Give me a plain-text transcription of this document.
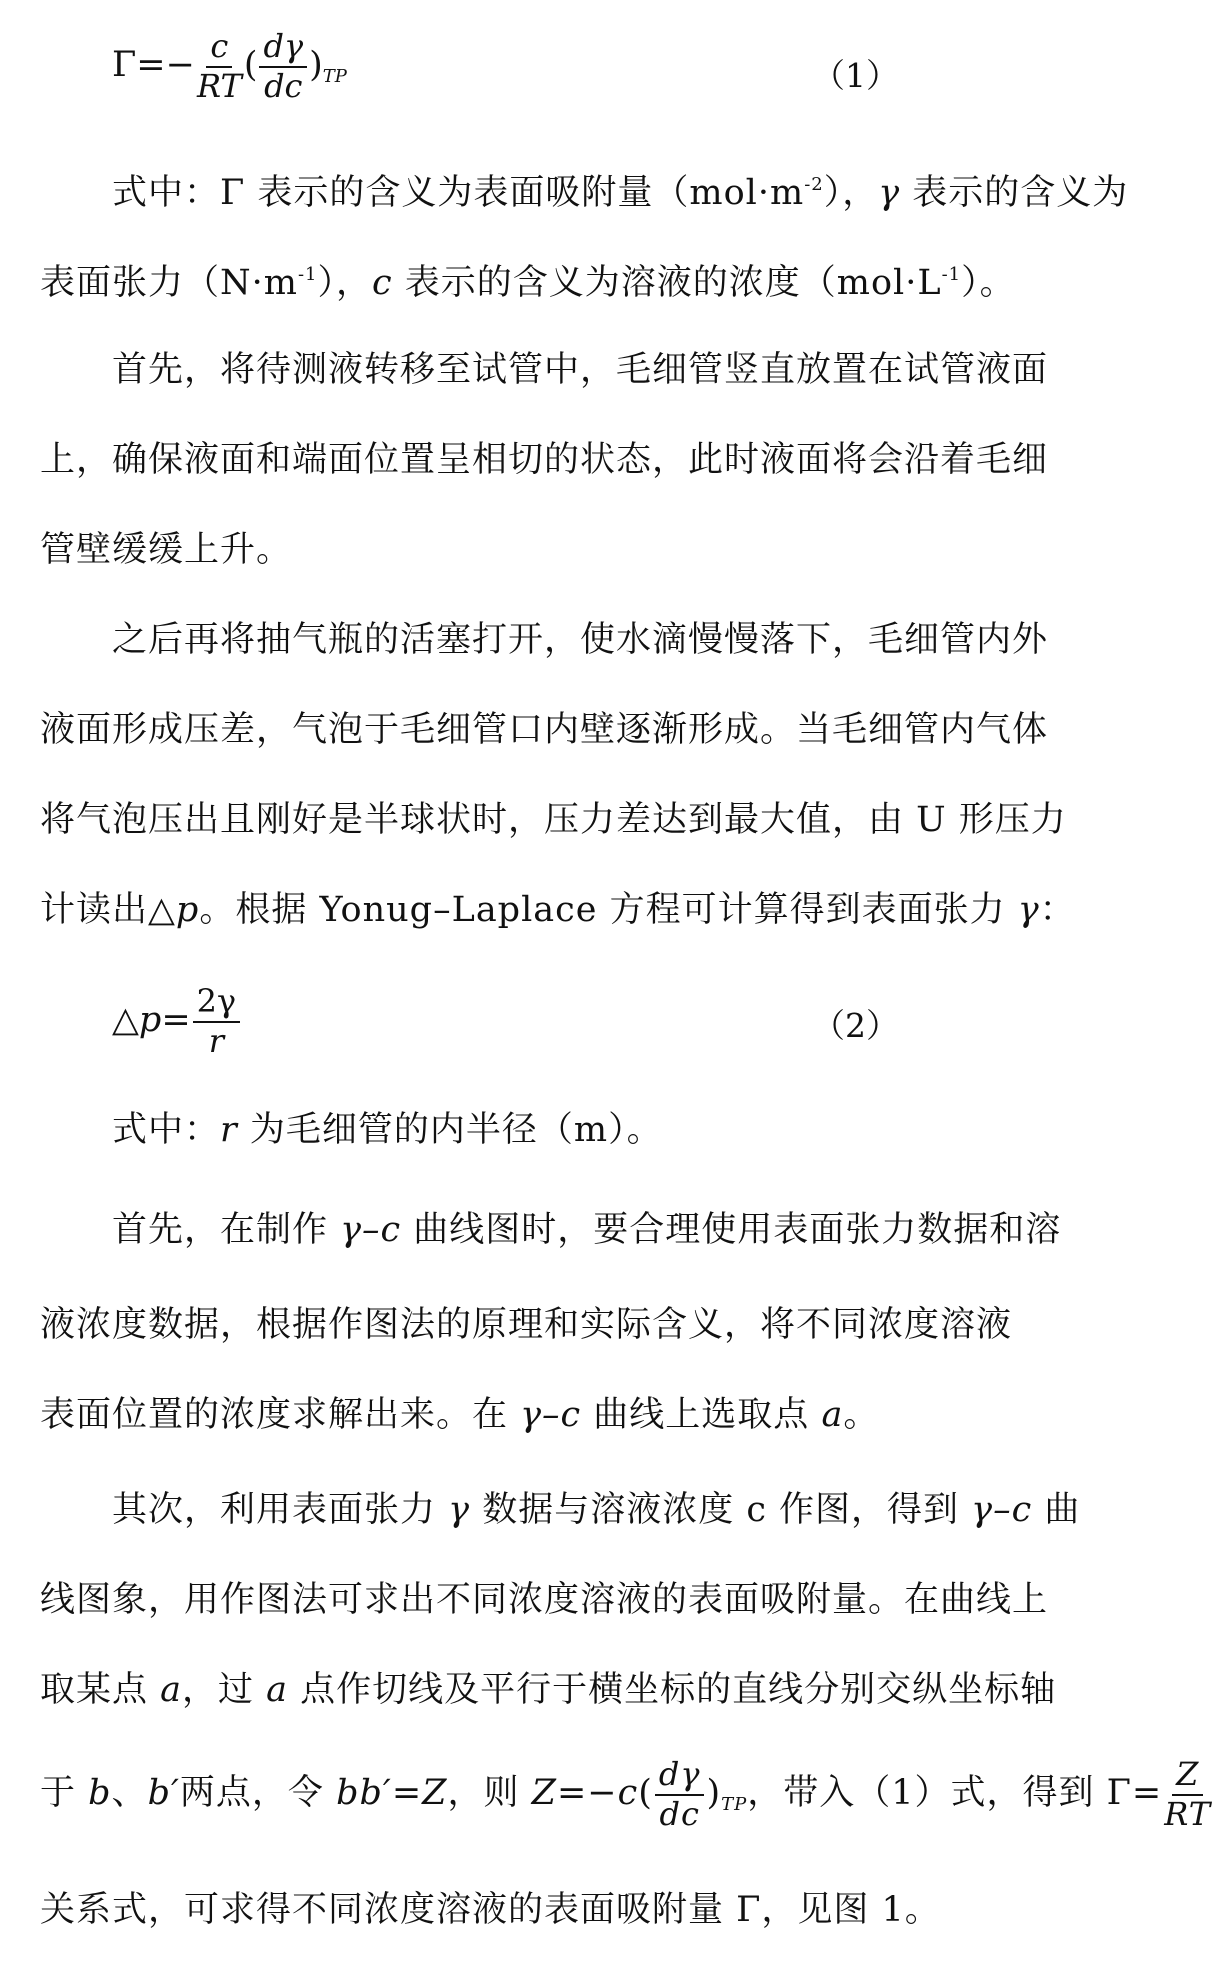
$\Gamma=- \frac{c}{RT}$ ( $\frac{d\gamma}{dc} )_{TP}$	（1）
式中：Γ 表示的含义为表面吸附量$(mol\cdot m^{-2})$，γ 表示的含义为
表面张力$(N\cdot m^{-1})$，c 表示的含义为溶液的浓度$(mol\cdot L^{-1})$。
首先，将待测液转移至试管中，毛细管竖直放置在试管液面
上，确保液面和端面位置呈相切的状态，此时液面将会沿着毛细
管壁缓缓上升。
之后再将抽气瓶的活塞打开，使水滴慢慢落下，毛细管内外
液面形成压差，气泡于毛细管口内壁逐渐形成。当毛细管内气体
将气泡压出且刚好是半球状时，压力差达到最大值，由 U 形压力
计读出△p。根据 Yonug–Laplace 方程可计算得到表面张力 γ：
△p= $\frac{2\gamma}{r}$	（2）
式中：r 为毛细管的内半径（m）。
首先，在制作 γ–c 曲线图时，要合理使用表面张力数据和溶
液浓度数据，根据作图法的原理和实际含义，将不同浓度溶液
表面位置的浓度求解出来。在 γ–c 曲线上选取点 a。
其次，利用表面张力 γ 数据与溶液浓度 c 作图，得到 γ–c 曲
线图象，用作图法可求出不同浓度溶液的表面吸附量。在曲线上
取某点 a，过 a 点作切线及平行于横坐标的直线分别交纵坐标轴
于 b、b′两点，令 bb′=Z，则 $Z=-c( \frac{d\gamma}{dc} )_{TP}$，带入（1）式，得到 $\Gamma= \frac{Z}{RT}$
关系式，可求得不同浓度溶液的表面吸附量 Γ，见图 1。
